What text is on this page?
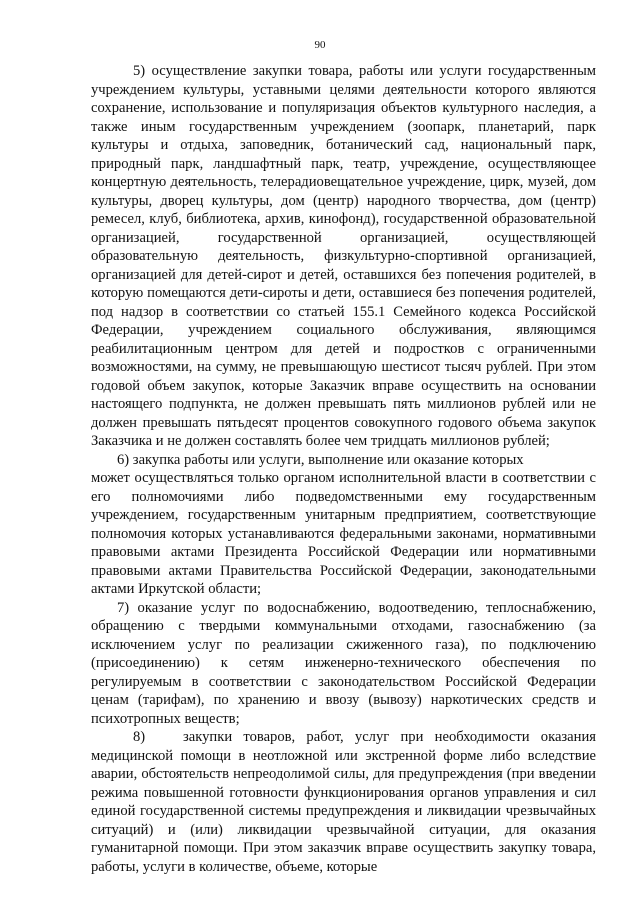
90

5) осуществление закупки товара, работы или услуги государственным учреждением культуры, уставными целями деятельности которого являются сохранение, использование и популяризация объектов культурного наследия, а также иным государственным учреждением (зоопарк, планетарий, парк культуры и отдыха, заповедник, ботанический сад, национальный парк, природный парк, ландшафтный парк, театр, учреждение, осуществляющее концертную деятельность, телерадиовещательное учреждение, цирк, музей, дом культуры, дворец культуры, дом (центр) народного творчества, дом (центр) ремесел, клуб, библиотека, архив, кинофонд), государственной образовательной организацией, государственной организацией, осуществляющей образовательную деятельность, физкультурно-спортивной организацией, организацией для детей-сирот и детей, оставшихся без попечения родителей, в которую помещаются дети-сироты и дети, оставшиеся без попечения родителей, под надзор в соответствии со статьей 155.1 Семейного кодекса Российской Федерации, учреждением социального обслуживания, являющимся реабилитационным центром для детей и подростков с ограниченными возможностями, на сумму, не превышающую шестисот тысяч рублей. При этом годовой объем закупок, которые Заказчик вправе осуществить на основании настоящего подпункта, не должен превышать пять миллионов рублей или не должен превышать пятьдесят процентов совокупного годового объема закупок Заказчика и не должен составлять более чем тридцать миллионов рублей;

6) закупка работы или услуги, выполнение или оказание которых

может осуществляться только органом исполнительной власти в соответствии с его полномочиями либо подведомственными ему государственным учреждением, государственным унитарным предприятием, соответствующие полномочия которых устанавливаются федеральными законами, нормативными правовыми актами Президента Российской Федерации или нормативными правовыми актами Правительства Российской Федерации, законодательными актами Иркутской области;

7) оказание услуг по водоснабжению, водоотведению, теплоснабжению, обращению с твердыми коммунальными отходами, газоснабжению (за исключением услуг по реализации сжиженного газа), по подключению (присоединению) к сетям инженерно-технического обеспечения по регулируемым в соответствии с законодательством Российской Федерации ценам (тарифам), по хранению и ввозу (вывозу) наркотических средств и психотропных веществ;

8)	закупки товаров, работ, услуг при необходимости оказания медицинской помощи в неотложной или экстренной форме либо вследствие аварии, обстоятельств непреодолимой силы, для предупреждения (при введении режима повышенной готовности функционирования органов управления и сил единой государственной системы предупреждения и ликвидации чрезвычайных ситуаций) и (или) ликвидации чрезвычайной ситуации, для оказания гуманитарной помощи. При этом заказчик вправе осуществить закупку товара, работы, услуги в количестве, объеме, которые
